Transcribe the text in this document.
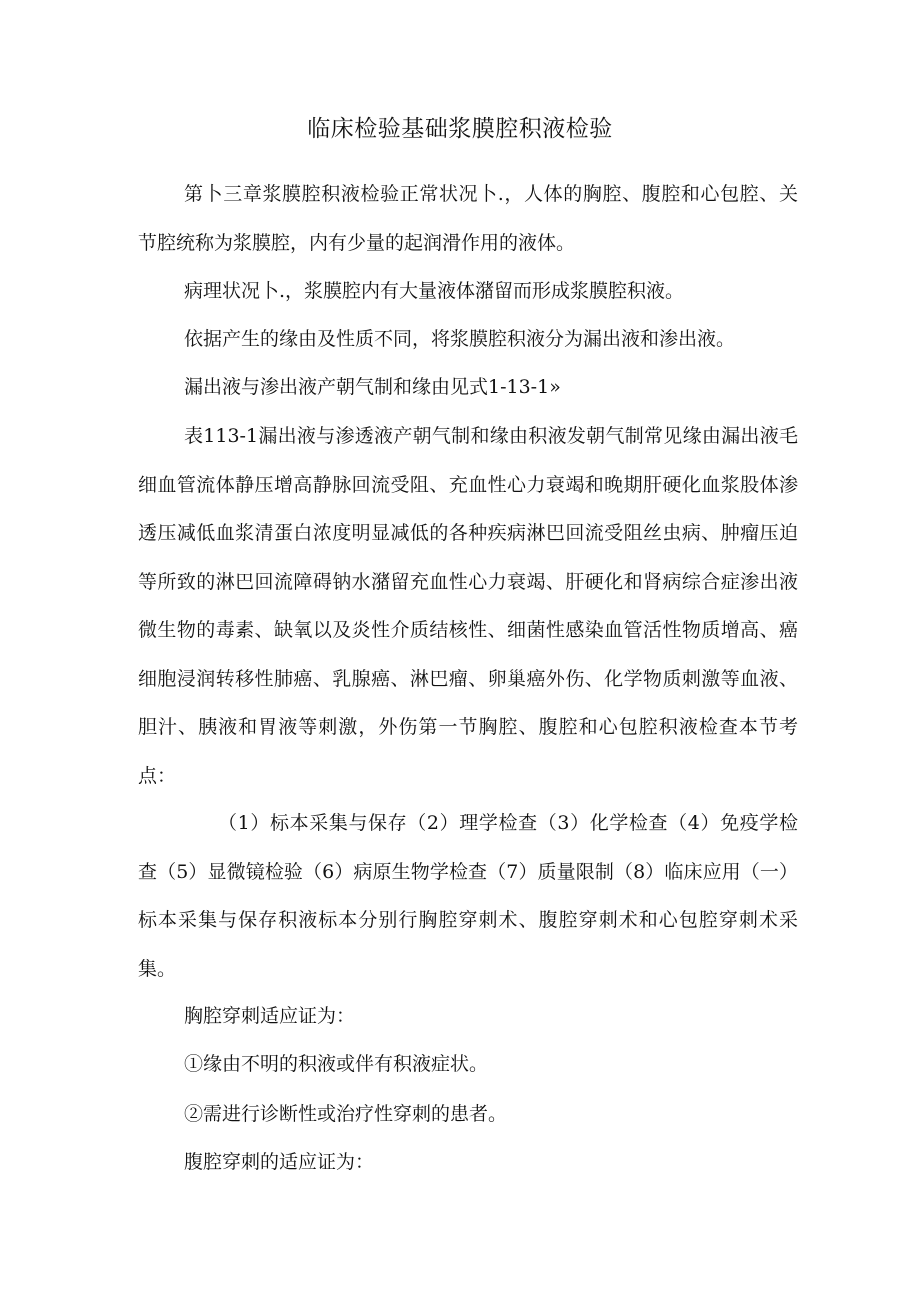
临床检验基础浆膜腔积液检验

第卜三章浆膜腔积液检验正常状况卜.，人体的胸腔、腹腔和心包腔、关节腔统称为浆膜腔，内有少量的起润滑作用的液体。

病理状况卜.，浆膜腔内有大量液体潴留而形成浆膜腔积液。

依据产生的缘由及性质不同，将浆膜腔积液分为漏出液和渗出液。

漏出液与渗出液产朝气制和缘由见式1-13-1»

表113-1漏出液与渗透液产朝气制和缘由积液发朝气制常见缘由漏出液毛细血管流体静压增高静脉回流受阻、充血性心力衰竭和晚期肝硬化血浆股体渗透压减低血浆清蛋白浓度明显减低的各种疾病淋巴回流受阻丝虫病、肿瘤压迫等所致的淋巴回流障碍钠水潴留充血性心力衰竭、肝硬化和肾病综合症渗出液微生物的毒素、缺氧以及炎性介质结核性、细菌性感染血管活性物质增高、癌细胞浸润转移性肺癌、乳腺癌、淋巴瘤、卵巢癌外伤、化学物质刺激等血液、胆汁、胰液和胃液等刺激，外伤第一节胸腔、腹腔和心包腔积液检查本节考点：

（1）标本采集与保存（2）理学检查（3）化学检查（4）免疫学检查（5）显微镜检验（6）病原生物学检查（7）质量限制（8）临床应用（一）标本采集与保存积液标本分别行胸腔穿刺术、腹腔穿刺术和心包腔穿刺术采集。

胸腔穿刺适应证为：

①缘由不明的积液或伴有积液症状。

②需进行诊断性或治疗性穿刺的患者。

腹腔穿刺的适应证为：
